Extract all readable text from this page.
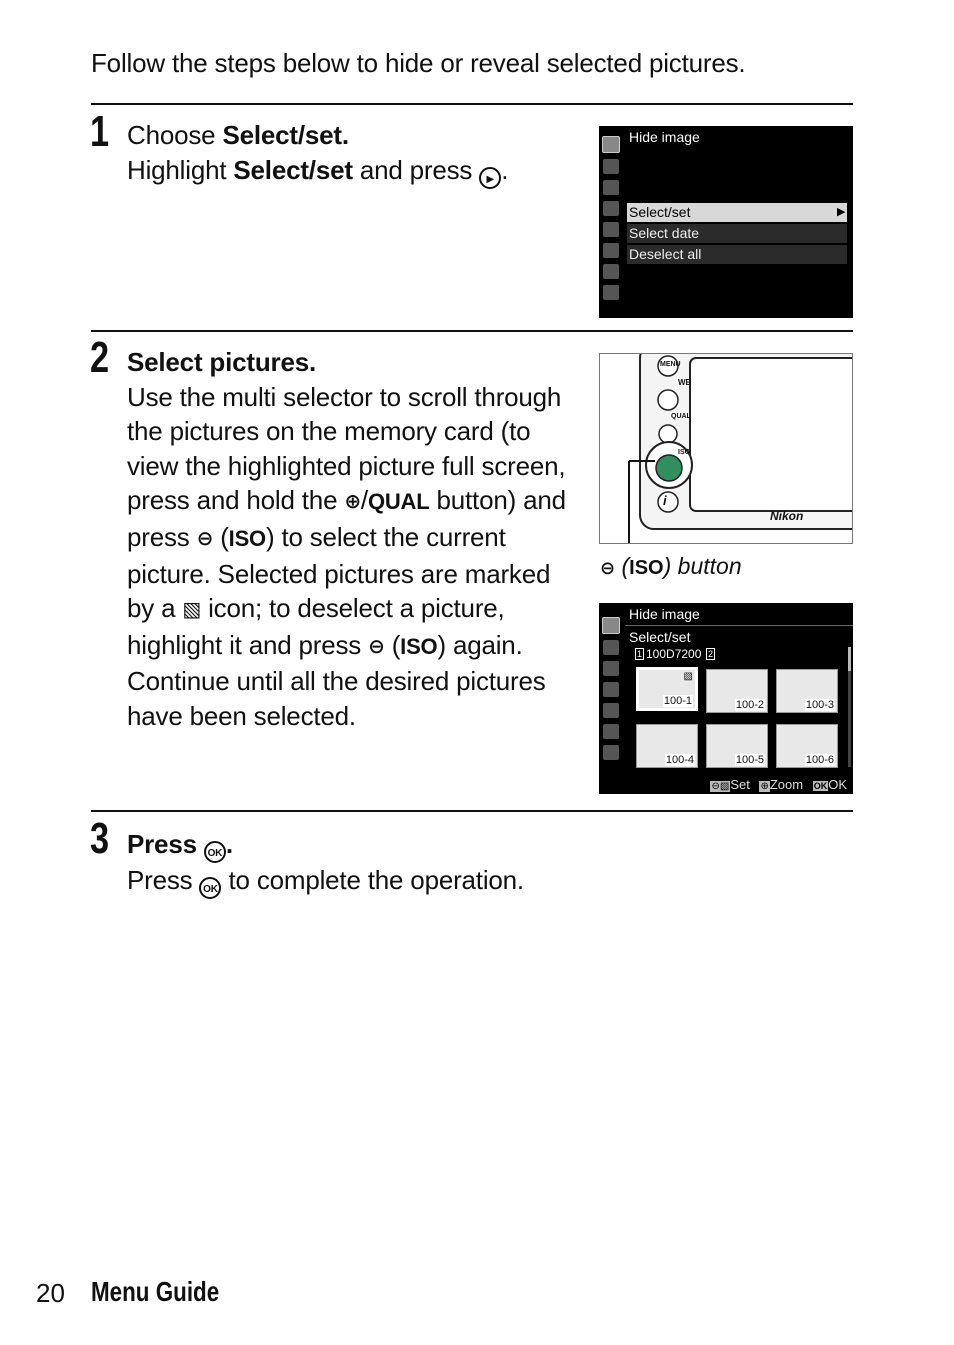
Follow the steps below to hide or reveal selected pictures.
1 Choose Select/set.
Highlight Select/set and press ▶ .
Hide image
Select/set	▶
Select date
Deselect all
2 Select pictures.
Use the multi selector to scroll through the pictures on the memory card (to view the highlighted picture full screen, press and hold the ⊕/QUAL button) and press ⊖ (ISO) to select the current picture. Selected pictures are marked by a ▧ icon; to deselect a picture, highlight it and press ⊖ (ISO) again. Continue until all the desired pictures have been selected.
MENU
WB
QUAL
ISO
i
Nikon
⊖ (ISO) button
Hide image
Select/set
1 100D7200 2
100-1
▧
100-2	100-3
100-4	100-5	100-6
⊖▧Set ⊕Zoom OKOK
3 Press OK .
Press OK to complete the operation.
20 Menu Guide
